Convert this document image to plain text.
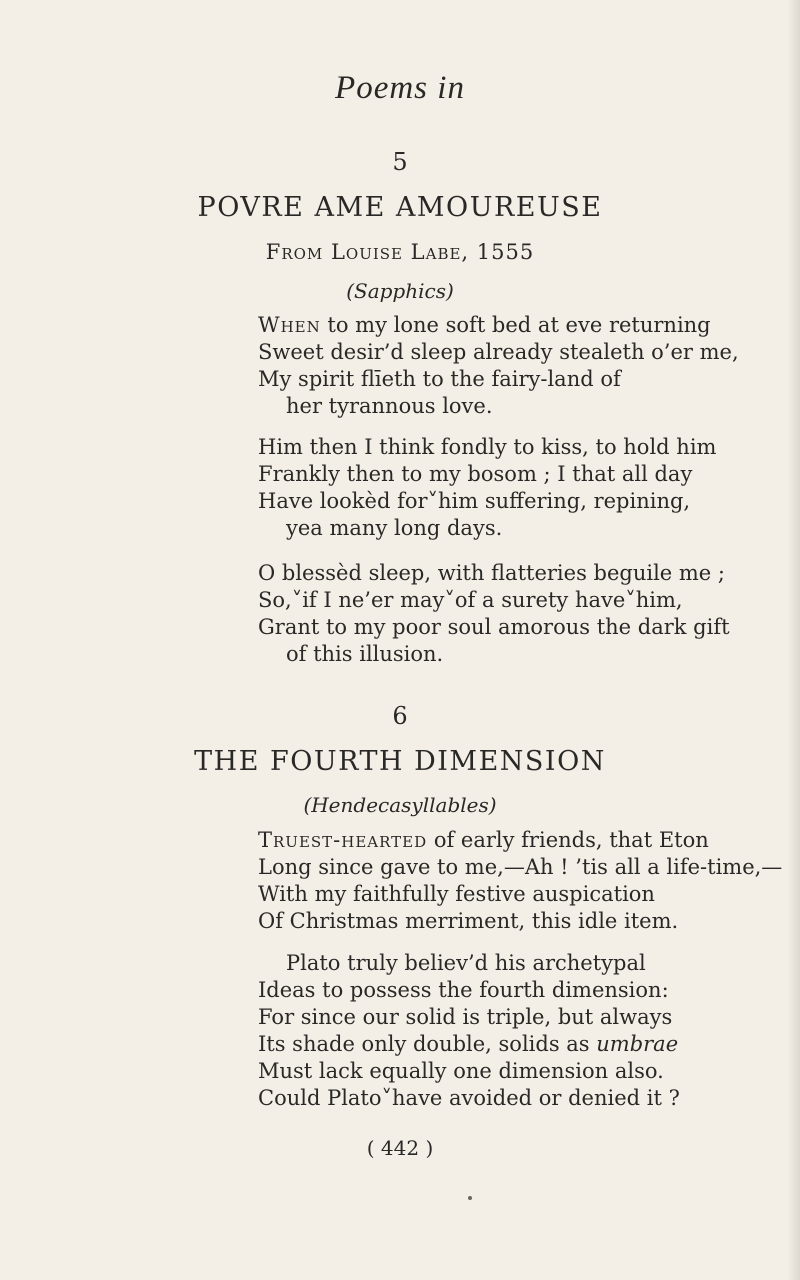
Poems in
5
POVRE AME AMOUREUSE
From Louise Labe, 1555
(Sapphics)
When to my lone soft bed at eve returning
Sweet desir’d sleep already stealeth o’er me,
My spirit flīeth to the fairy-land of
her tyrannous love.
Him then I think fondly to kiss, to hold him
Frankly then to my bosom ; I that all day
Have lookèd for˅him suffering, repining,
yea many long days.
O blessèd sleep, with flatteries beguile me ;
So,˅if I ne’er may˅of a surety have˅him,
Grant to my poor soul amorous the dark gift
of this illusion.
6
THE FOURTH DIMENSION
(Hendecasyllables)
Truest-hearted of early friends, that Eton
Long since gave to me,—Ah ! ’tis all a life-time,—
With my faithfully festive auspication
Of Christmas merriment, this idle item.
Plato truly believ’d his archetypal
Ideas to possess the fourth dimension:
For since our solid is triple, but always
Its shade only double, solids as umbrae
Must lack equally one dimension also.
Could Plato˅have avoided or denied it ?
( 442 )
